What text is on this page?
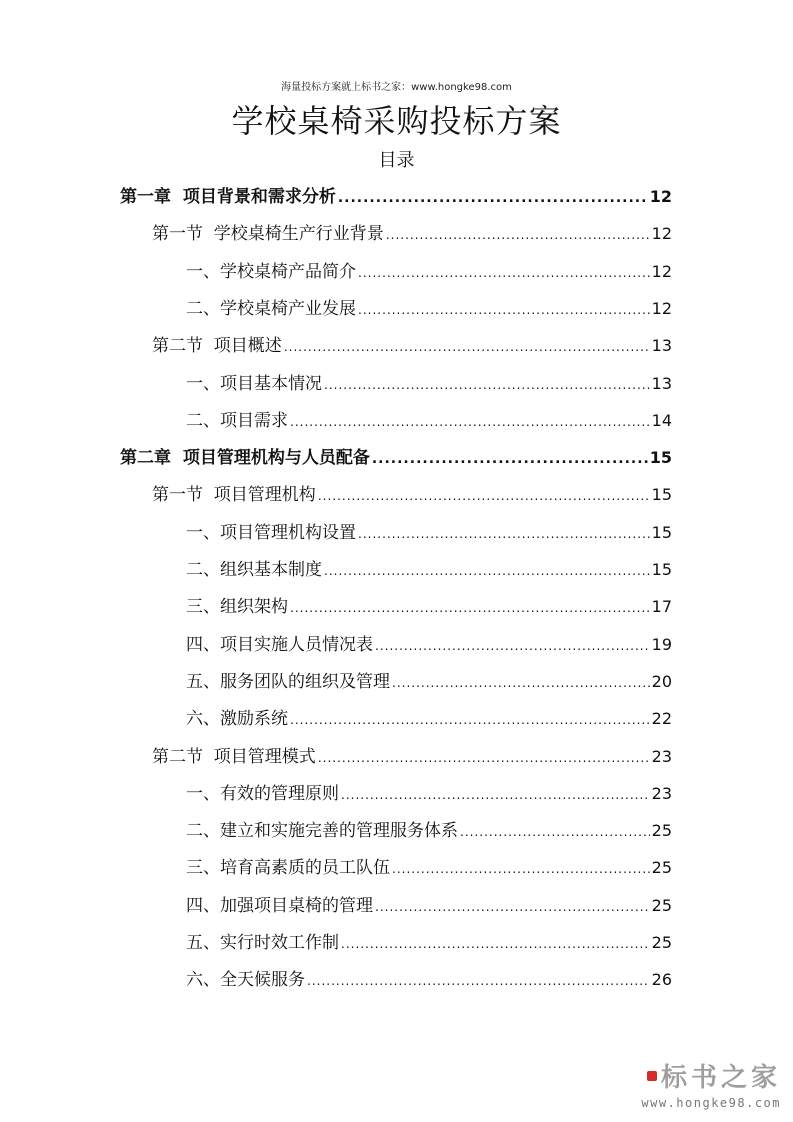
海量投标方案就上标书之家：www.hongke98.com
学校桌椅采购投标方案
目录
第一章  项目背景和需求分析 .....	12
第一节  学校桌椅生产行业背景 .....	12
一、学校桌椅产品简介 .....	12
二、学校桌椅产业发展 .....	12
第二节  项目概述 .....	13
一、项目基本情况 .....	13
二、项目需求 .....	14
第二章  项目管理机构与人员配备 .....	15
第一节  项目管理机构 .....	15
一、项目管理机构设置 .....	15
二、组织基本制度 .....	15
三、组织架构 .....	17
四、项目实施人员情况表 .....	19
五、服务团队的组织及管理 .....	20
六、激励系统 .....	22
第二节  项目管理模式 .....	23
一、有效的管理原则 .....	23
二、建立和实施完善的管理服务体系 .....	25
三、培育高素质的员工队伍 .....	25
四、加强项目桌椅的管理 .....	25
五、实行时效工作制 .....	25
六、全天候服务 .....	26
标书之家
www.hongke98.com
